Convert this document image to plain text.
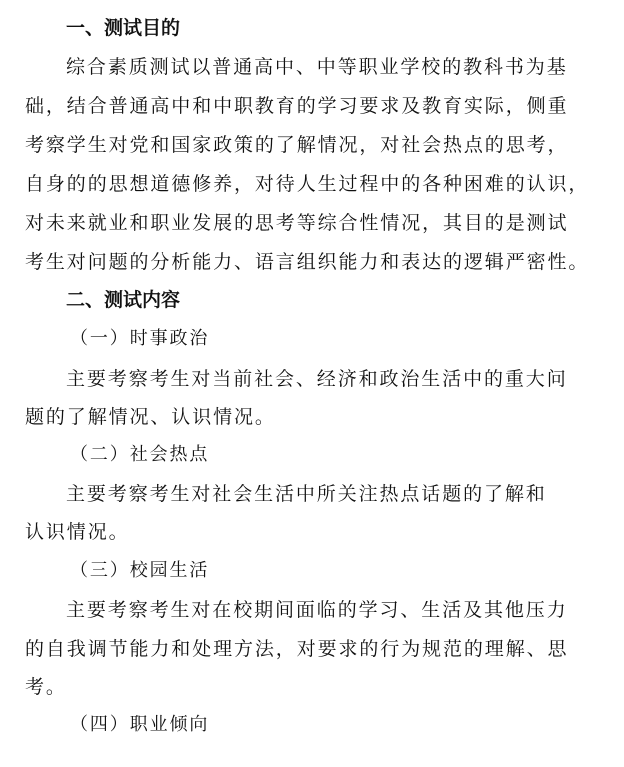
一、测试目的
综合素质测试以普通高中、中等职业学校的教科书为基
础，结合普通高中和中职教育的学习要求及教育实际，侧重
考察学生对党和国家政策的了解情况，对社会热点的思考，
自身的的思想道德修养，对待人生过程中的各种困难的认识，
对未来就业和职业发展的思考等综合性情况，其目的是测试
考生对问题的分析能力、语言组织能力和表达的逻辑严密性。
二、测试内容
（一）时事政治
主要考察考生对当前社会、经济和政治生活中的重大问
题的了解情况、认识情况。
（二）社会热点
主要考察考生对社会生活中所关注热点话题的了解和
认识情况。
（三）校园生活
主要考察考生对在校期间面临的学习、生活及其他压力
的自我调节能力和处理方法，对要求的行为规范的理解、思
考。
（四）职业倾向
